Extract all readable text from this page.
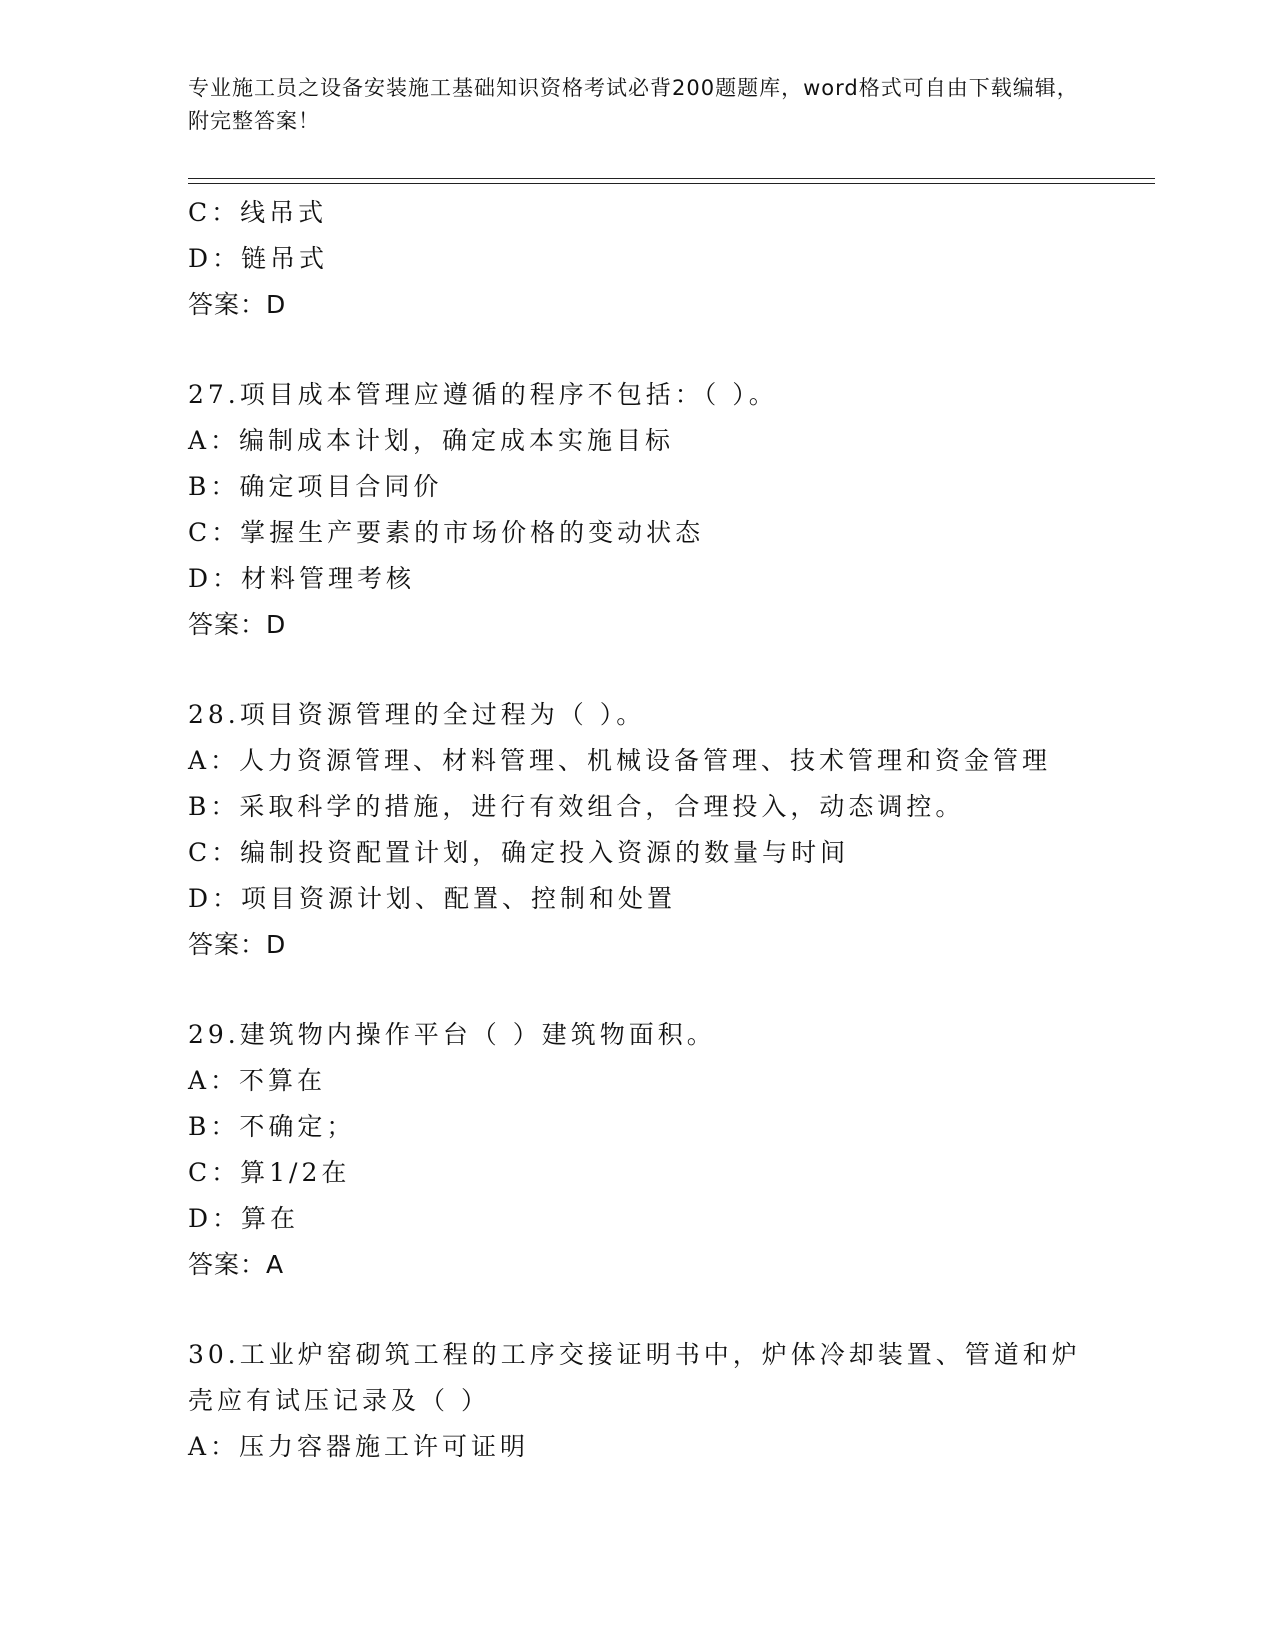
专业施工员之设备安装施工基础知识资格考试必背200题题库，word格式可自由下载编辑，附完整答案！
C：线吊式
D：链吊式
答案：D
27.项目成本管理应遵循的程序不包括：（ ）。
A：编制成本计划，确定成本实施目标
B：确定项目合同价
C：掌握生产要素的市场价格的变动状态
D：材料管理考核
答案：D
28.项目资源管理的全过程为（ ）。
A：人力资源管理、材料管理、机械设备管理、技术管理和资金管理
B：采取科学的措施，进行有效组合，合理投入，动态调控。
C：编制投资配置计划，确定投入资源的数量与时间
D：项目资源计划、配置、控制和处置
答案：D
29.建筑物内操作平台（ ）建筑物面积。
A：不算在
B：不确定；
C：算1/2在
D：算在
答案：A
30.工业炉窑砌筑工程的工序交接证明书中，炉体冷却装置、管道和炉壳应有试压记录及（ ）
A：压力容器施工许可证明
